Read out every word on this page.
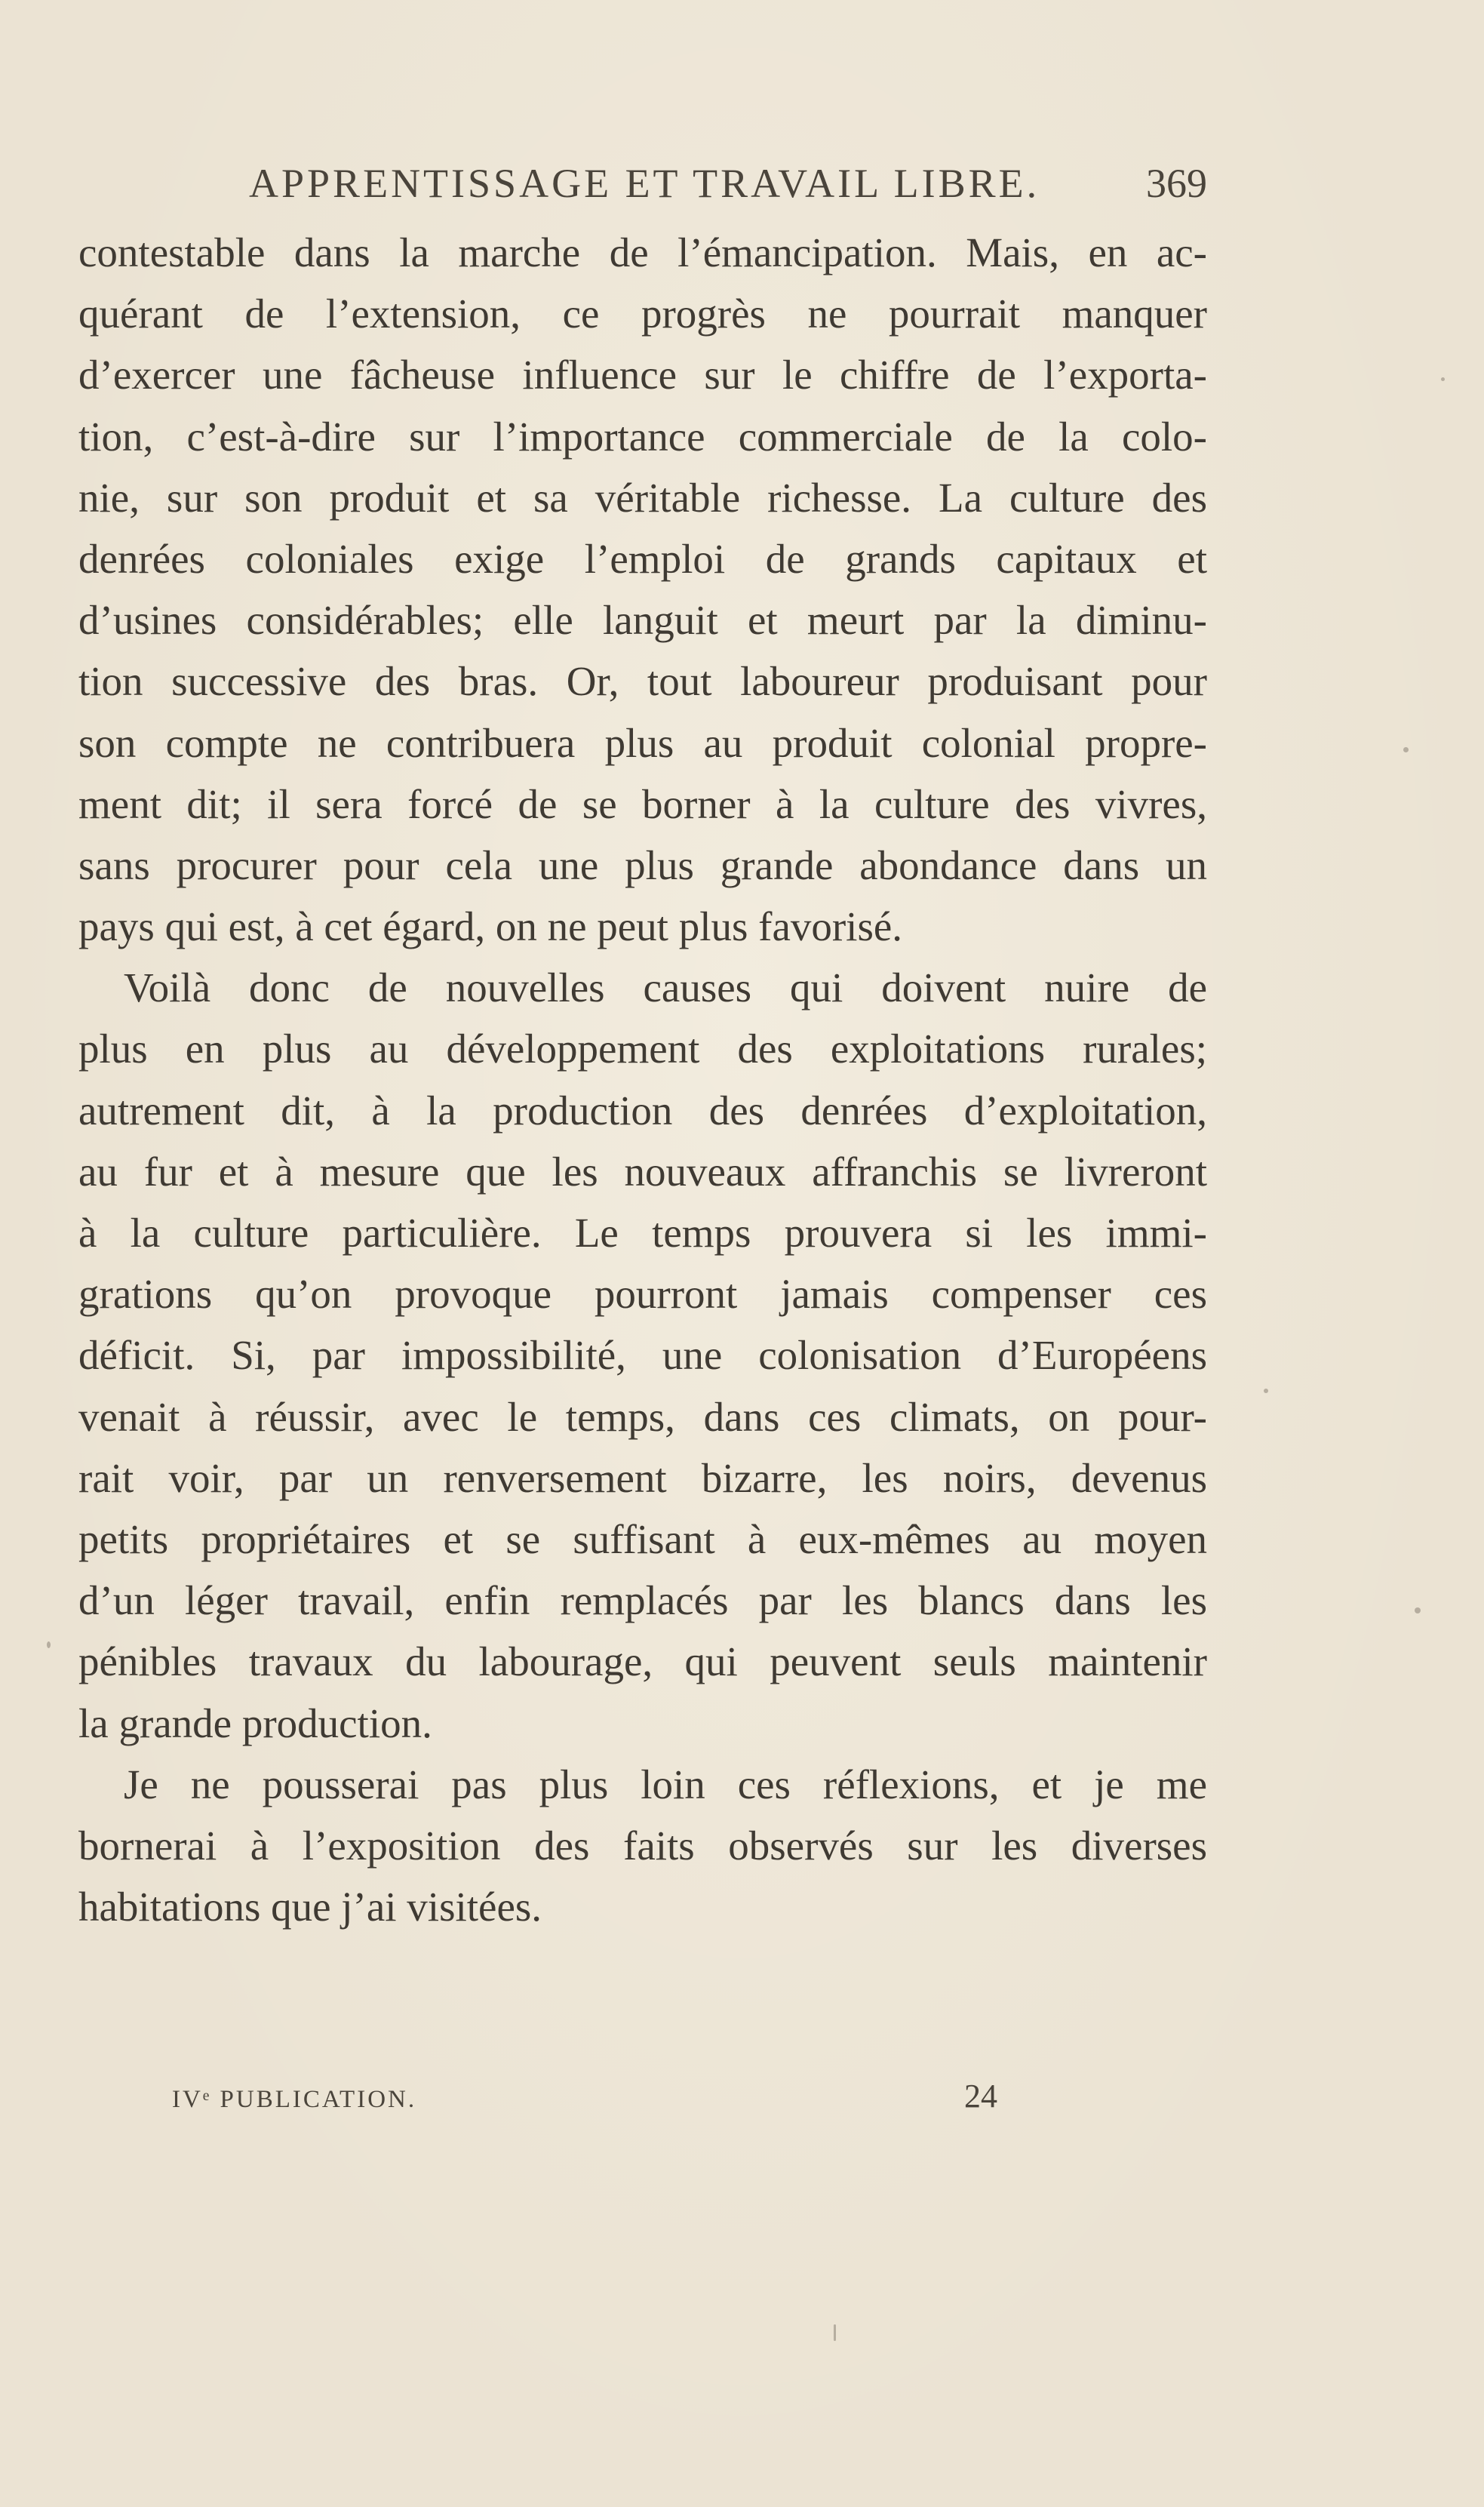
APPRENTISSAGE ET TRAVAIL LIBRE.	369
contestable dans la marche de l’émancipation. Mais, en ac-
quérant de l’extension, ce progrès ne pourrait manquer
d’exercer une fâcheuse influence sur le chiffre de l’exporta-
tion, c’est-à-dire sur l’importance commerciale de la colo-
nie, sur son produit et sa véritable richesse. La culture des
denrées coloniales exige l’emploi de grands capitaux et
d’usines considérables; elle languit et meurt par la diminu-
tion successive des bras. Or, tout laboureur produisant pour
son compte ne contribuera plus au produit colonial propre-
ment dit; il sera forcé de se borner à la culture des vivres,
sans procurer pour cela une plus grande abondance dans un
pays qui est, à cet égard, on ne peut plus favorisé.
Voilà donc de nouvelles causes qui doivent nuire de
plus en plus au développement des exploitations rurales;
autrement dit, à la production des denrées d’exploitation,
au fur et à mesure que les nouveaux affranchis se livreront
à la culture particulière. Le temps prouvera si les immi-
grations qu’on provoque pourront jamais compenser ces
déficit. Si, par impossibilité, une colonisation d’Européens
venait à réussir, avec le temps, dans ces climats, on pour-
rait voir, par un renversement bizarre, les noirs, devenus
petits propriétaires et se suffisant à eux-mêmes au moyen
d’un léger travail, enfin remplacés par les blancs dans les
pénibles travaux du labourage, qui peuvent seuls maintenir
la grande production.
Je ne pousserai pas plus loin ces réflexions, et je me
bornerai à l’exposition des faits observés sur les diverses
habitations que j’ai visitées.
IVᵉ PUBLICATION.	24
